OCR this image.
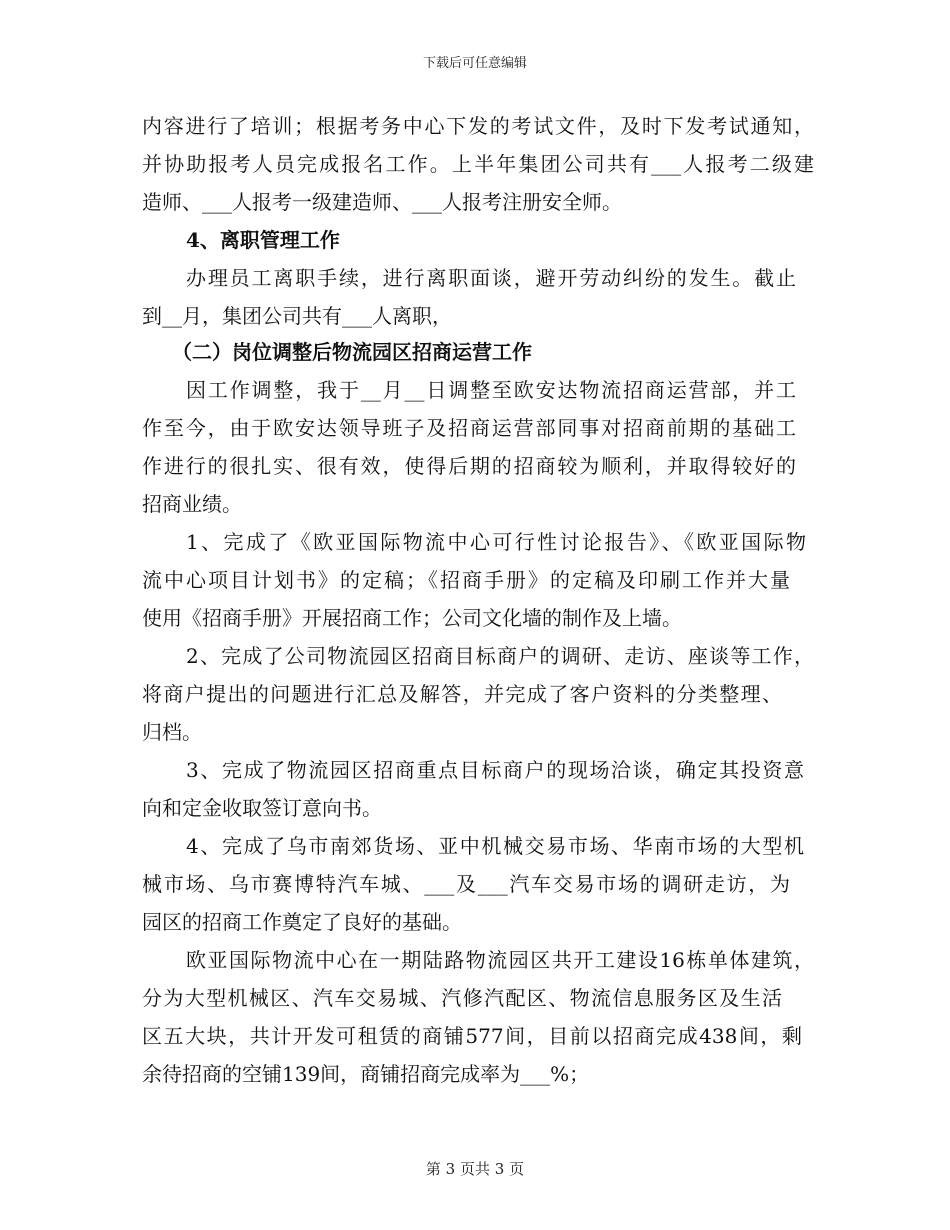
下载后可任意编辑
内容进行了培训；根据考务中心下发的考试文件，及时下发考试通知，
并协助报考人员完成报名工作。上半年集团公司共有___人报考二级建
造师、___人报考一级建造师、___人报考注册安全师。
4、离职管理工作
办理员工离职手续，进行离职面谈，避开劳动纠纷的发生。截止
到__月，集团公司共有___人离职，
（二）岗位调整后物流园区招商运营工作
因工作调整，我于__月__日调整至欧安达物流招商运营部，并工
作至今，由于欧安达领导班子及招商运营部同事对招商前期的基础工
作进行的很扎实、很有效，使得后期的招商较为顺利，并取得较好的
招商业绩。
1、完成了《欧亚国际物流中心可行性讨论报告》、《欧亚国际物
流中心项目计划书》的定稿；《招商手册》的定稿及印刷工作并大量
使用《招商手册》开展招商工作；公司文化墙的制作及上墙。
2、完成了公司物流园区招商目标商户的调研、走访、座谈等工作，
将商户提出的问题进行汇总及解答，并完成了客户资料的分类整理、
归档。
3、完成了物流园区招商重点目标商户的现场洽谈，确定其投资意
向和定金收取签订意向书。
4、完成了乌市南郊货场、亚中机械交易市场、华南市场的大型机
械市场、乌市赛博特汽车城、___及___汽车交易市场的调研走访，为
园区的招商工作奠定了良好的基础。
欧亚国际物流中心在一期陆路物流园区共开工建设16栋单体建筑，
分为大型机械区、汽车交易城、汽修汽配区、物流信息服务区及生活
区五大块，共计开发可租赁的商铺577间，目前以招商完成438间，剩
余待招商的空铺139间，商铺招商完成率为___%；
第 3 页共 3 页
